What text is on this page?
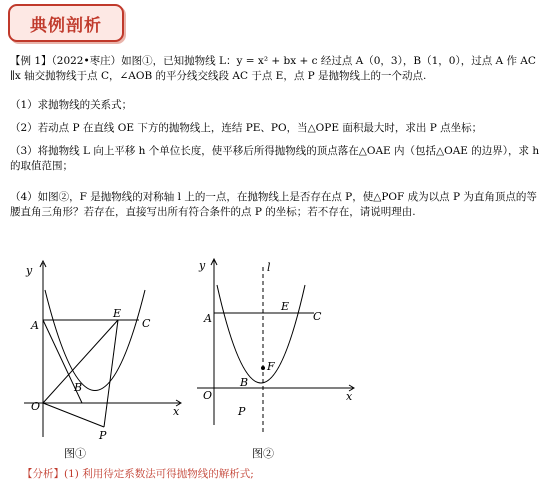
典例剖析
【例 1】（2022•枣庄）如图①，已知抛物线 L：y = x² + bx + c 经过点 A（0，3），B（1，0），过点 A 作 AC ∥x 轴交抛物线于点 C，∠AOB 的平分线交线段 AC 于点 E，点 P 是抛物线上的一个动点.
（1）求抛物线的关系式；
（2）若动点 P 在直线 OE 下方的抛物线上，连结 PE、PO，当△OPE 面积最大时，求出 P 点坐标；
（3）将抛物线 L 向上平移 h 个单位长度，使平移后所得抛物线的顶点落在△OAE 内（包括△OAE 的边界），求 h 的取值范围；
（4）如图②，F 是抛物线的对称轴 l 上的一点，在抛物线上是否存在点 P，使△POF 成为以点 P 为直角顶点的等腰直角三角形？若存在，直接写出所有符合条件的点 P 的坐标；若不存在，请说明理由.
y
x
O
A
B
E
C
P
图①
y
x
O
A
B
E
C
F
P
l
图②
【分析】(1) 利用待定系数法可得抛物线的解析式;
